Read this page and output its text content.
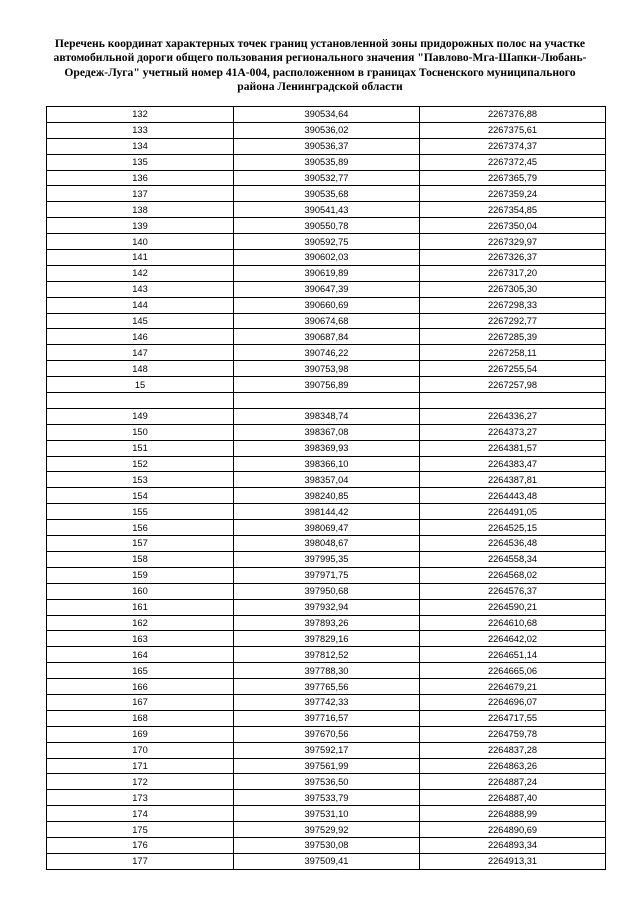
Перечень координат характерных точек границ установленной зоны придорожных полос на участке
автомобильной дороги общего пользования регионального значения "Павлово-Мга-Шапки-Любань-
Оредеж-Луга" учетный номер 41А-004, расположенном в границах Тосненского муниципального
района Ленинградской области
132	390534,64	2267376,88
133	390536,02	2267375,61
134	390536,37	2267374,37
135	390535,89	2267372,45
136	390532,77	2267365,79
137	390535,68	2267359,24
138	390541,43	2267354,85
139	390550,78	2267350,04
140	390592,75	2267329,97
141	390602,03	2267326,37
142	390619,89	2267317,20
143	390647,39	2267305,30
144	390660,69	2267298,33
145	390674,68	2267292,77
146	390687,84	2267285,39
147	390746,22	2267258,11
148	390753,98	2267255,54
15	390756,89	2267257,98

149	398348,74	2264336,27
150	398367,08	2264373,27
151	398369,93	2264381,57
152	398366,10	2264383,47
153	398357,04	2264387,81
154	398240,85	2264443,48
155	398144,42	2264491,05
156	398069,47	2264525,15
157	398048,67	2264536,48
158	397995,35	2264558,34
159	397971,75	2264568,02
160	397950,68	2264576,37
161	397932,94	2264590,21
162	397893,26	2264610,68
163	397829,16	2264642,02
164	397812,52	2264651,14
165	397788,30	2264665,06
166	397765,56	2264679,21
167	397742,33	2264696,07
168	397716,57	2264717,55
169	397670,56	2264759,78
170	397592,17	2264837,28
171	397561,99	2264863,26
172	397536,50	2264887,24
173	397533,79	2264887,40
174	397531,10	2264888,99
175	397529,92	2264890,69
176	397530,08	2264893,34
177	397509,41	2264913,31
